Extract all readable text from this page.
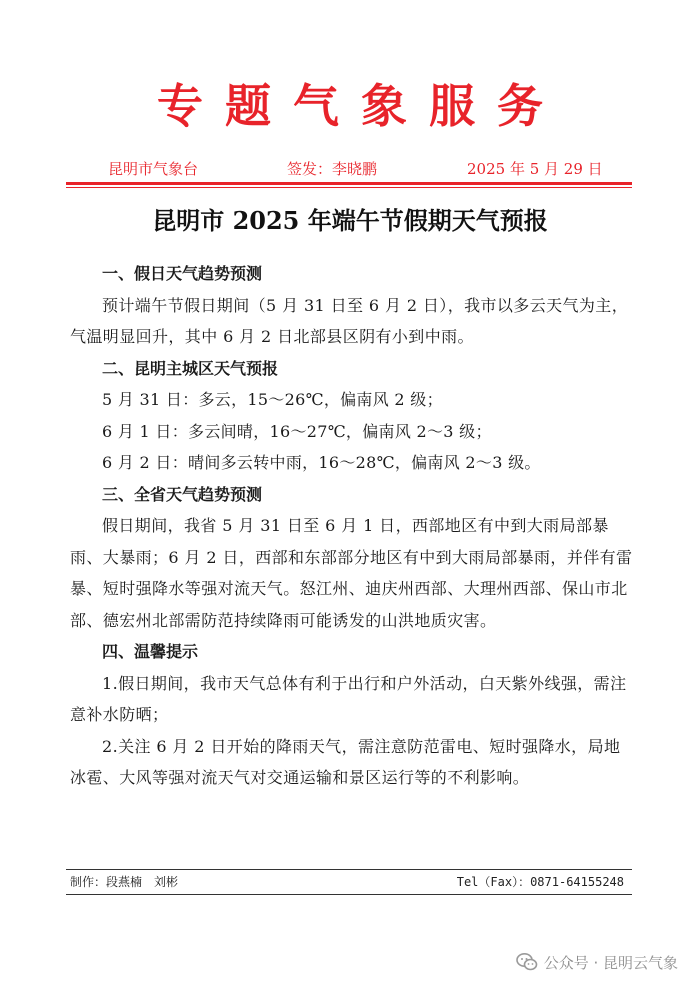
专题气象服务
昆明市气象台	签发：李晓鹏	2025 年 5 月 29 日
昆明市 2025 年端午节假期天气预报

一、假日天气趋势预测

预计端午节假日期间（5 月 31 日至 6 月 2 日），我市以多云天气为主，气温明显回升，其中 6 月 2 日北部县区阴有小到中雨。

二、昆明主城区天气预报

5 月 31 日：多云，15～26℃，偏南风 2 级；

6 月 1 日：多云间晴，16～27℃，偏南风 2～3 级；

6 月 2 日：晴间多云转中雨，16～28℃，偏南风 2～3 级。

三、全省天气趋势预测

假日期间，我省 5 月 31 日至 6 月 1 日，西部地区有中到大雨局部暴雨、大暴雨；6 月 2 日，西部和东部部分地区有中到大雨局部暴雨，并伴有雷暴、短时强降水等强对流天气。怒江州、迪庆州西部、大理州西部、保山市北部、德宏州北部需防范持续降雨可能诱发的山洪地质灾害。

四、温馨提示

1.假日期间，我市天气总体有利于出行和户外活动，白天紫外线强，需注意补水防晒；

2.关注 6 月 2 日开始的降雨天气，需注意防范雷电、短时强降水，局地冰雹、大风等强对流天气对交通运输和景区运行等的不利影响。

制作：段燕楠　刘彬	Tel（Fax）：0871-64155248
公众号 · 昆明云气象
